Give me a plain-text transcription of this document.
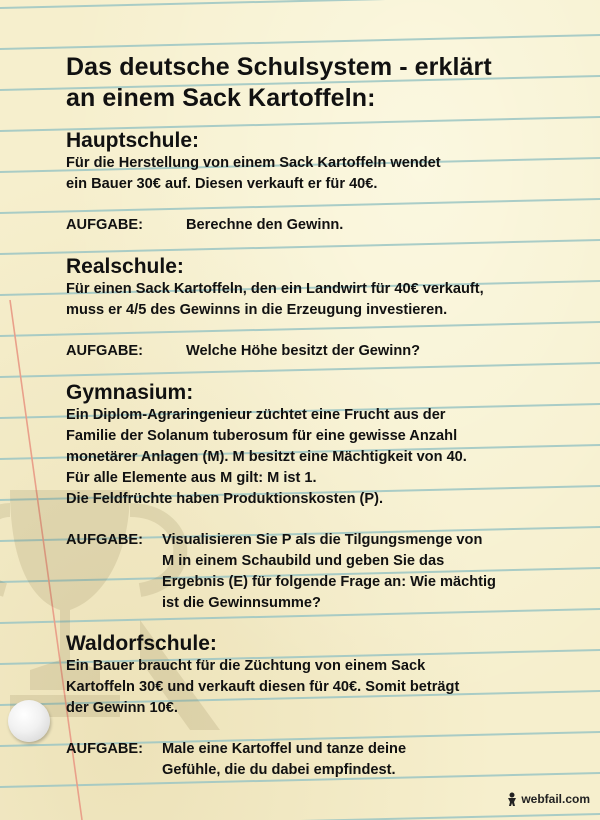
Das deutsche Schulsystem - erklärt
an einem Sack Kartoffeln:
Hauptschule:
Für die Herstellung von einem Sack Kartoffeln wendet
ein Bauer 30€ auf. Diesen verkauft er für 40€.
AUFGABE:	Berechne den Gewinn.
Realschule:
Für einen Sack Kartoffeln, den ein Landwirt für 40€ verkauft,
muss er 4/5 des Gewinns in die Erzeugung investieren.
AUFGABE:	Welche Höhe besitzt der Gewinn?
Gymnasium:
Ein Diplom-Agraringenieur züchtet eine Frucht aus der
Familie der Solanum tuberosum für eine gewisse Anzahl
monetärer Anlagen (M). M besitzt eine Mächtigkeit von 40.
Für alle Elemente aus M gilt: M ist 1.
Die Feldfrüchte haben Produktionskosten (P).
AUFGABE:	Visualisieren Sie P als die Tilgungsmenge von
M in einem Schaubild und geben Sie das
Ergebnis (E) für folgende Frage an: Wie mächtig
ist die Gewinnsumme?
Waldorfschule:
Ein Bauer braucht für die Züchtung von einem Sack
Kartoffeln 30€ und verkauft diesen für 40€. Somit beträgt
der Gewinn 10€.
AUFGABE:	Male eine Kartoffel und tanze deine
Gefühle, die du dabei empfindest.
webfail.com
